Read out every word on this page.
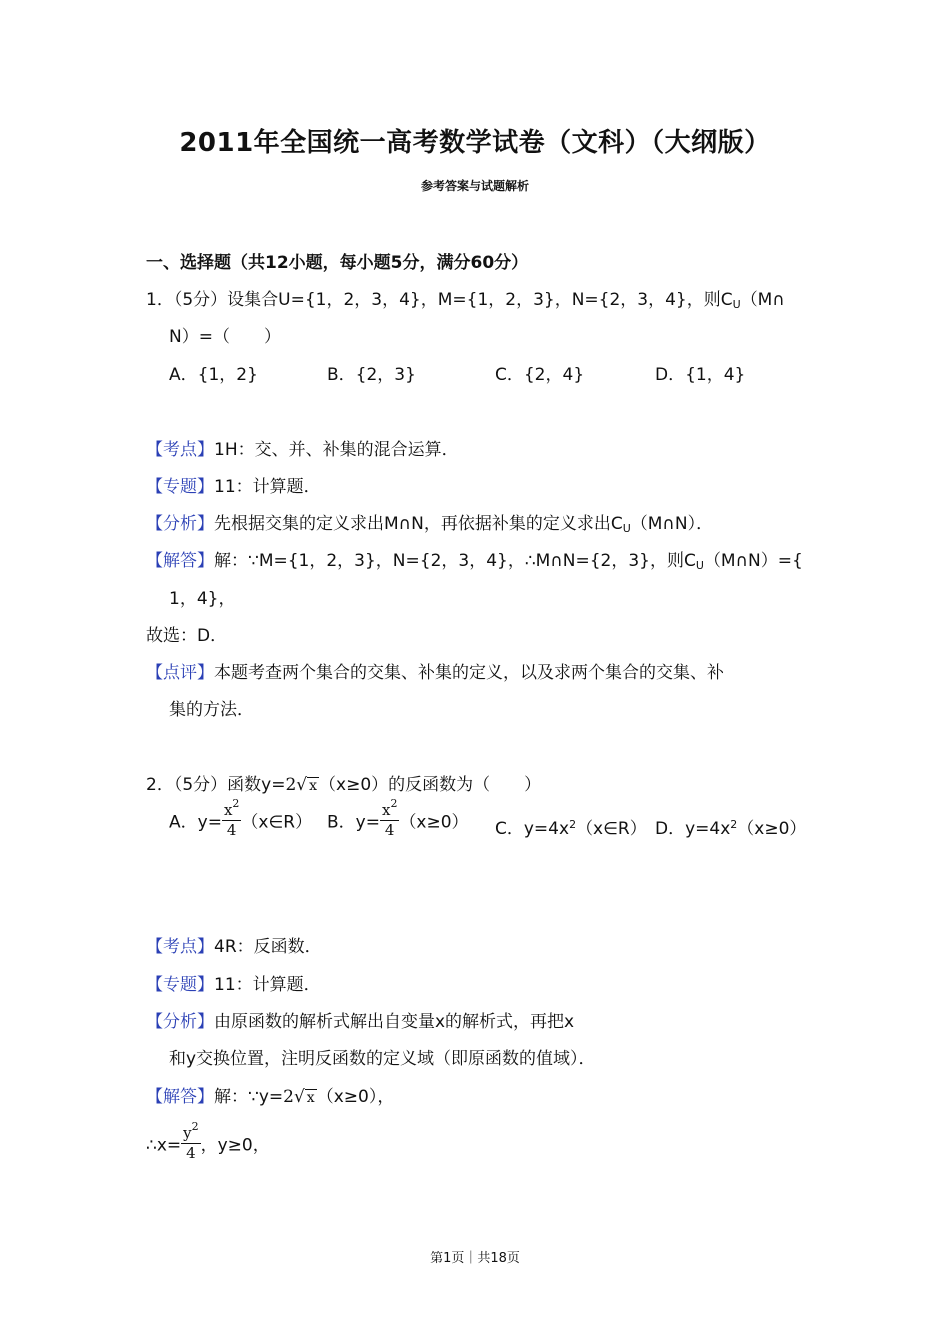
2011年全国统一高考数学试卷（文科）（大纲版）
参考答案与试题解析
一、选择题（共12小题，每小题5分，满分60分）
1．（5分）设集合U={1，2，3，4}，M={1，2，3}，N={2，3，4}，则$C_U(M\cap$
N）=（　　）
A．{1，2}	B．{2，3}	C．{2，4}	D．{1，4}
【考点】1H：交、并、补集的混合运算．
【专题】11：计算题．
【分析】先根据交集的定义求出M∩N，再依据补集的定义求出$C_U(M\cap N)$．
【解答】解：∵M={1，2，3}，N={2，3，4}，∴M∩N={2，3}，则$C_U(M\cap N)=${
1，4}，
故选：D．
【点评】本题考查两个集合的交集、补集的定义，以及求两个集合的交集、补
集的方法．
2．（5分）函数y=2√ x （x≥0）的反函数为（　　）
A．$y= \frac{x^2}{4}$ （x∈R） B．$y= \frac{x^2}{4} (x\ge 0)$ C．$y=4x^2(x\in R)$ D．$y=4x^2(x\ge 0)$
【考点】4R：反函数．
【专题】11：计算题．
【分析】由原函数的解析式解出自变量x的解析式，再把x
和y交换位置，注明反函数的定义域（即原函数的值域）．
【解答】解：∵y=2√ x （x≥0），
∴x= $\frac{y^2}{4}$ ，y≥0，
第1页｜共18页
